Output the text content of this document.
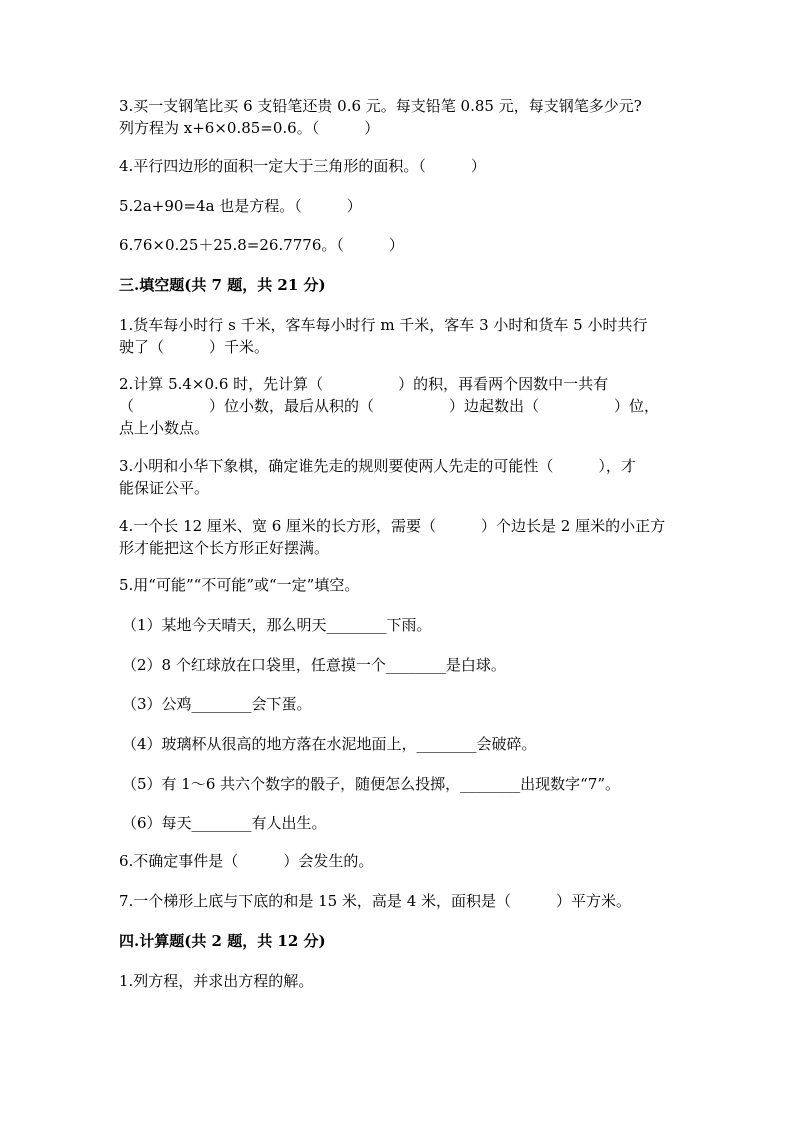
3.买一支钢笔比买 6 支铅笔还贵 0.6 元。每支铅笔 0.85 元，每支钢笔多少元?
列方程为 x+6×0.85=0.6。（　　　）
4.平行四边形的面积一定大于三角形的面积。（　　　）
5.2a+90=4a 也是方程。（　　　）
6.76×0.25＋25.8=26.7776。（　　　）
三.填空题(共 7 题，共 21 分)
1.货车每小时行 s 千米，客车每小时行 m 千米，客车 3 小时和货车 5 小时共行
驶了（　　　）千米。
2.计算 5.4×0.6 时，先计算（　　　　　）的积，再看两个因数中一共有
（　　　　　）位小数，最后从积的（　　　　　）边起数出（　　　　　）位，
点上小数点。
3.小明和小华下象棋，确定谁先走的规则要使两人先走的可能性（　　　），才
能保证公平。
4.一个长 12 厘米、宽 6 厘米的长方形，需要（　　　）个边长是 2 厘米的小正方
形才能把这个长方形正好摆满。
5.用“可能”“不可能”或“一定”填空。
（1）某地今天晴天，那么明天________下雨。
（2）8 个红球放在口袋里，任意摸一个________是白球。
（3）公鸡________会下蛋。
（4）玻璃杯从很高的地方落在水泥地面上，________会破碎。
（5）有 1～6 共六个数字的骰子，随便怎么投掷，________出现数字“7”。
（6）每天________有人出生。
6.不确定事件是（　　　）会发生的。
7.一个梯形上底与下底的和是 15 米，高是 4 米，面积是（　　　）平方米。
四.计算题(共 2 题，共 12 分)
1.列方程，并求出方程的解。
